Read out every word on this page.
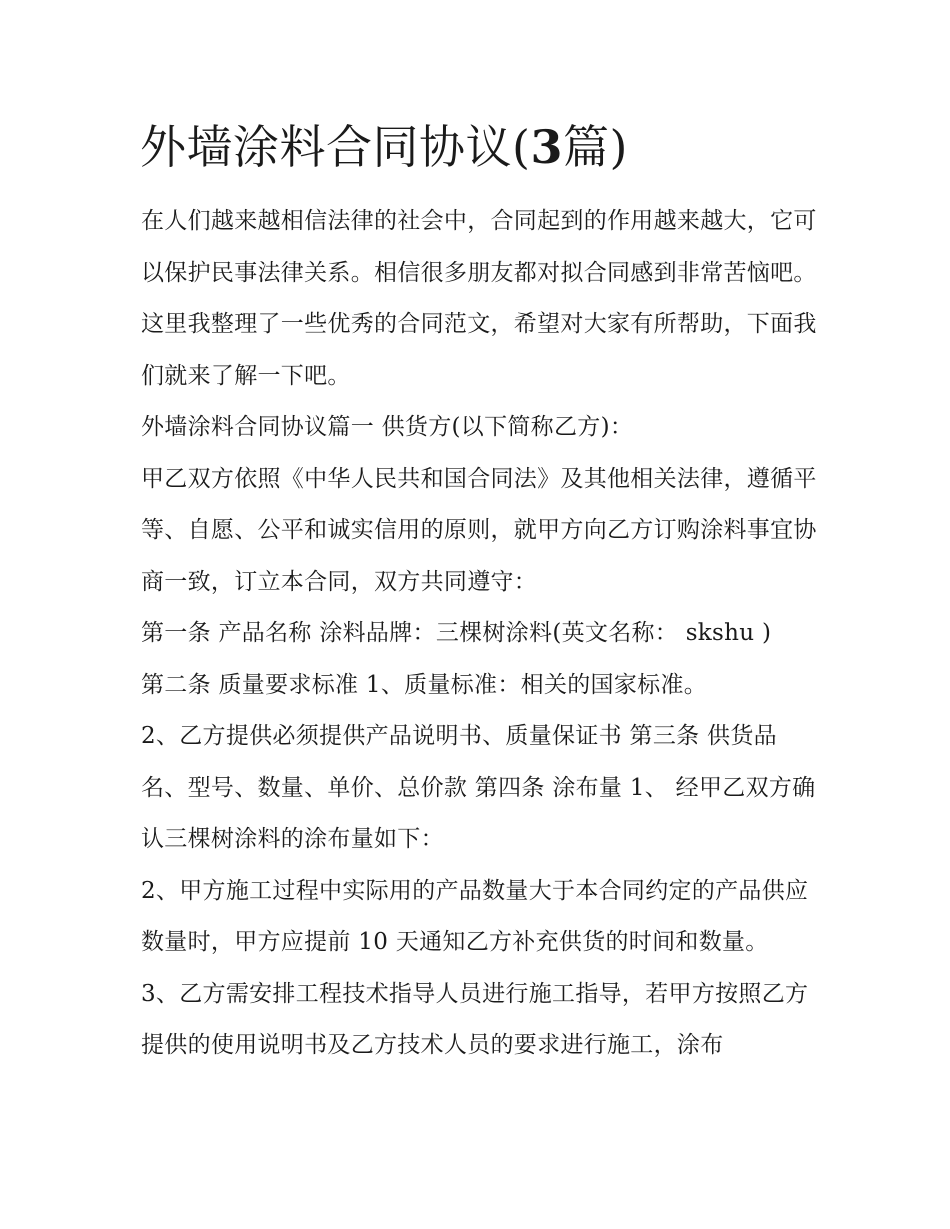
外墙涂料合同协议(3篇)

在人们越来越相信法律的社会中，合同起到的作用越来越大，它可以保护民事法律关系。相信很多朋友都对拟合同感到非常苦恼吧。这里我整理了一些优秀的合同范文，希望对大家有所帮助，下面我们就来了解一下吧。

外墙涂料合同协议篇一 供货方(以下简称乙方)：

甲乙双方依照《中华人民共和国合同法》及其他相关法律，遵循平等、自愿、公平和诚实信用的原则，就甲方向乙方订购涂料事宜协商一致，订立本合同，双方共同遵守：

第一条 产品名称 涂料品牌：三棵树涂料(英文名称： skshu )

第二条 质量要求标准 1、质量标准：相关的国家标准。

2、乙方提供必须提供产品说明书、质量保证书 第三条 供货品名、型号、数量、单价、总价款 第四条 涂布量 1、 经甲乙双方确认三棵树涂料的涂布量如下：

2、甲方施工过程中实际用的产品数量大于本合同约定的产品供应数量时，甲方应提前 10 天通知乙方补充供货的时间和数量。

3、乙方需安排工程技术指导人员进行施工指导，若甲方按照乙方提供的使用说明书及乙方技术人员的要求进行施工，涂布
